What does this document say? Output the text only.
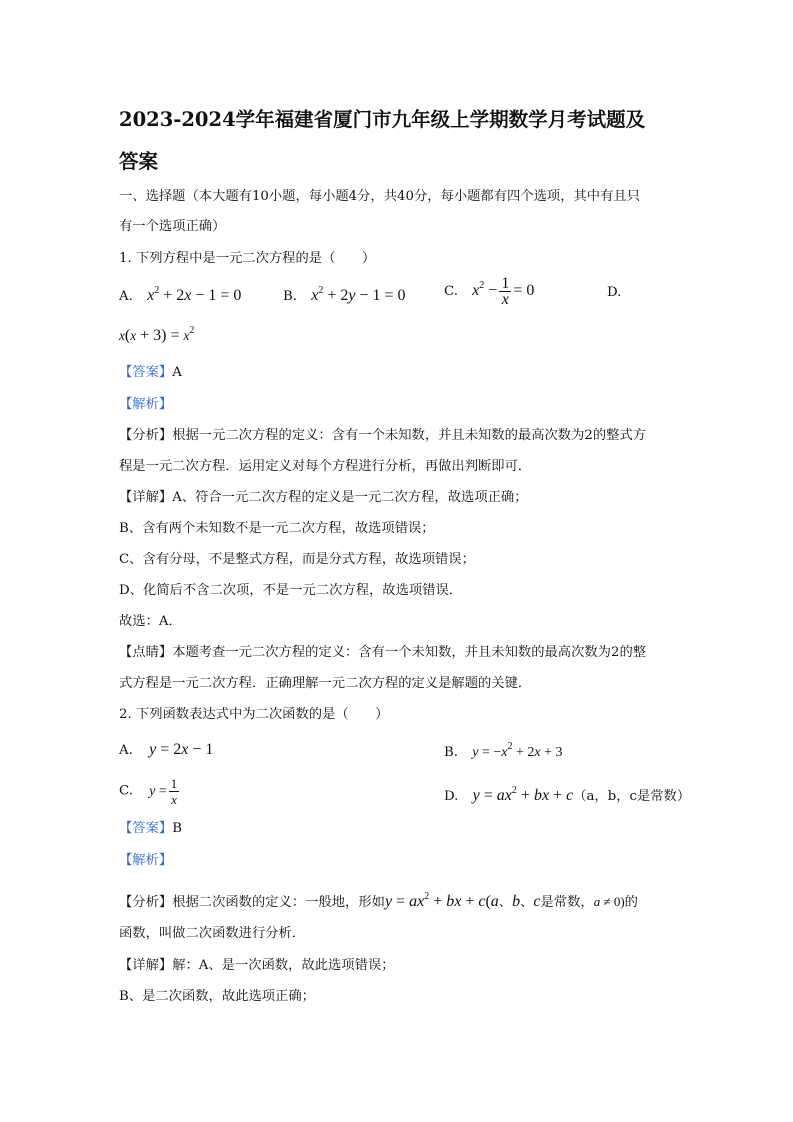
2023-2024学年福建省厦门市九年级上学期数学月考试题及
答案
一、选择题（本大题有10小题，每小题4分，共40分，每小题都有四个选项，其中有且只
有一个选项正确）
1. 下列方程中是一元二次方程的是（　　）
A. $x^2 + 2x - 1 = 0$	B. $x^2 + 2y - 1 = 0$	C. $x^2 - \frac{1}{x} = 0$	D.
$x(x + 3) = x^2$
【答案】A
【解析】
【分析】根据一元二次方程的定义：含有一个未知数，并且未知数的最高次数为2的整式方
程是一元二次方程．运用定义对每个方程进行分析，再做出判断即可．
【详解】A、符合一元二次方程的定义是一元二次方程，故选项正确；
B、含有两个未知数不是一元二次方程，故选项错误；
C、含有分母，不是整式方程，而是分式方程，故选项错误；
D、化简后不含二次项，不是一元二次方程，故选项错误．
故选：A．
【点睛】本题考查一元二次方程的定义：含有一个未知数，并且未知数的最高次数为2的整
式方程是一元二次方程．正确理解一元二次方程的定义是解题的关键．
2. 下列函数表达式中为二次函数的是（　　）
A. y = 2x − 1	B. $y = -x^2 + 2x + 3$
C. $y = \frac{1}{x}$	D. $y = ax^2$ + bx + c（a，b，c是常数）
【答案】B
【解析】
【分析】根据二次函数的定义：一般地，形如$y = ax^2$ + bx + c(a、b、c是常数，a ≠ 0)的
函数，叫做二次函数进行分析．
【详解】解：A、是一次函数，故此选项错误；
B、是二次函数，故此选项正确；
